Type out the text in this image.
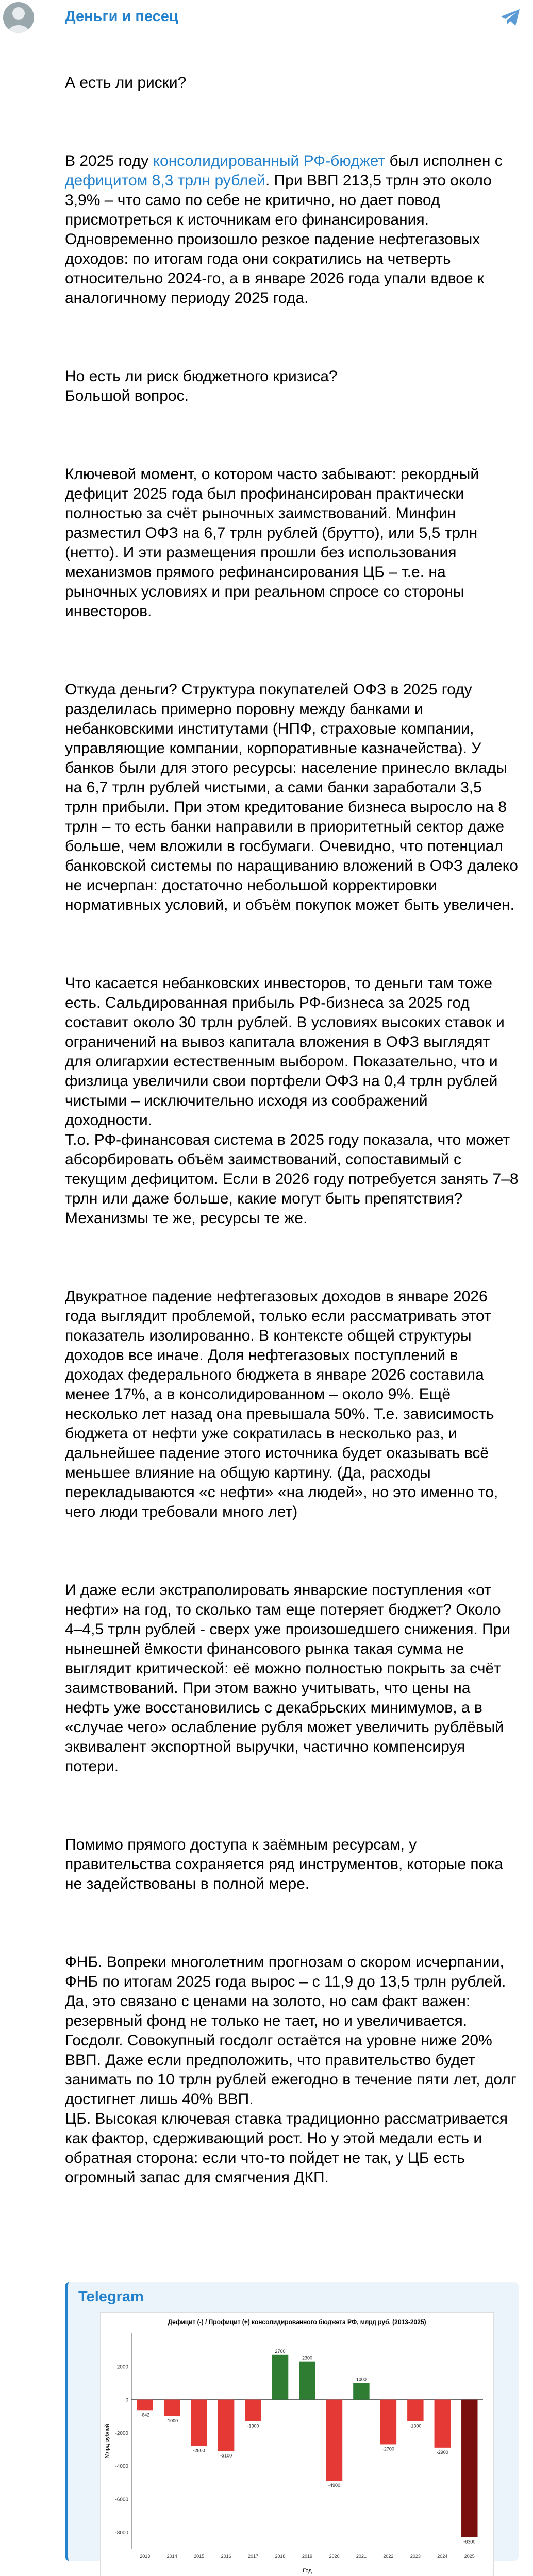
Деньги и песец

А есть ли риски?

В 2025 году консолидированный РФ-бюджет был исполнен с дефицитом 8,3 трлн рублей. При ВВП 213,5 трлн это около 3,9% – что само по себе не критично, но дает повод присмотреться к источникам его финансирования.
Одновременно произошло резкое падение нефтегазовых доходов: по итогам года они сократились на четверть относительно 2024-го, а в январе 2026 года упали вдвое к аналогичному периоду 2025 года.

Но есть ли риск бюджетного кризиса?
Большой вопрос.

Ключевой момент, о котором часто забывают: рекордный дефицит 2025 года был профинансирован практически полностью за счёт рыночных заимствований. Минфин разместил ОФЗ на 6,7 трлн рублей (брутто), или 5,5 трлн (нетто). И эти размещения прошли без использования механизмов прямого рефинансирования ЦБ – т.е. на рыночных условиях и при реальном спросе со стороны инвесторов.

Откуда деньги? Структура покупателей ОФЗ в 2025 году разделилась примерно поровну между банками и небанковскими институтами (НПФ, страховые компании, управляющие компании, корпоративные казначейства). У банков были для этого ресурсы: население принесло вклады на 6,7 трлн рублей чистыми, а сами банки заработали 3,5 трлн прибыли. При этом кредитование бизнеса выросло на 8 трлн – то есть банки направили в приоритетный сектор даже больше, чем вложили в госбумаги. Очевидно, что потенциал банковской системы по наращиванию вложений в ОФЗ далеко не исчерпан: достаточно небольшой корректировки нормативных условий, и объём покупок может быть увеличен.

Что касается небанковских инвесторов, то деньги там тоже есть. Сальдированная прибыль РФ-бизнеса за 2025 год составит около 30 трлн рублей. В условиях высоких ставок и ограничений на вывоз капитала вложения в ОФЗ выглядят для олигархии естественным выбором. Показательно, что и физлица увеличили свои портфели ОФЗ на 0,4 трлн рублей чистыми – исключительно исходя из соображений доходности.
Т.о. РФ-финансовая система в 2025 году показала, что может абсорбировать объём заимствований, сопоставимый с текущим дефицитом. Если в 2026 году потребуется занять 7–8 трлн или даже больше, какие могут быть препятствия? Механизмы те же, ресурсы те же.

Двукратное падение нефтегазовых доходов в январе 2026 года выглядит проблемой, только если рассматривать этот показатель изолированно. В контексте общей структуры доходов все иначе. Доля нефтегазовых поступлений в доходах федерального бюджета в январе 2026 составила менее 17%, а в консолидированном – около 9%. Ещё несколько лет назад она превышала 50%. Т.е. зависимость бюджета от нефти уже сократилась в несколько раз, и дальнейшее падение этого источника будет оказывать всё меньшее влияние на общую картину. (Да, расходы перекладываются «с нефти» «на людей», но это именно то, чего люди требовали много лет)

И даже если экстраполировать январские поступления «от нефти» на год, то сколько там еще потеряет бюджет? Около 4–4,5 трлн рублей - сверх уже произошедшего снижения. При нынешней ёмкости финансового рынка такая сумма не выглядит критической: её можно полностью покрыть за счёт заимствований. При этом важно учитывать, что цены на нефть уже восстановились с декабрьских минимумов, а в «случае чего» ослабление рубля может увеличить рублёвый эквивалент экспортной выручки, частично компенсируя потери.

Помимо прямого доступа к заёмным ресурсам, у правительства сохраняется ряд инструментов, которые пока не задействованы в полной мере.

ФНБ. Вопреки многолетним прогнозам о скором исчерпании, ФНБ по итогам 2025 года вырос – с 11,9 до 13,5 трлн рублей. Да, это связано с ценами на золото, но сам факт важен: резервный фонд не только не тает, но и увеличивается.
Госдолг. Совокупный госдолг остаётся на уровне ниже 20% ВВП. Даже если предположить, что правительство будет занимать по 10 трлн рублей ежегодно в течение пяти лет, долг достигнет лишь 40% ВВП.
ЦБ. Высокая ключевая ставка традиционно рассматривается как фактор, сдерживающий рост. Но у этой медали есть и обратная сторона: если что-то пойдет не так, у ЦБ есть огромный запас для смягчения ДКП.

Telegram
Дефицит (-) / Профицит (+) консолидированного бюджета РФ, млрд руб. (2013-2025)
-8000
-6000
-4000
-2000
0
2000
-642
2013
-1000
2014
-2800
2015
-3100
2016
-1300
2017
2700
2018
2300
2019
-4900
2020
1000
2021
-2700
2022
-1300
2023
-2900
2024
-8300
2025
Год
Млрд рублей
